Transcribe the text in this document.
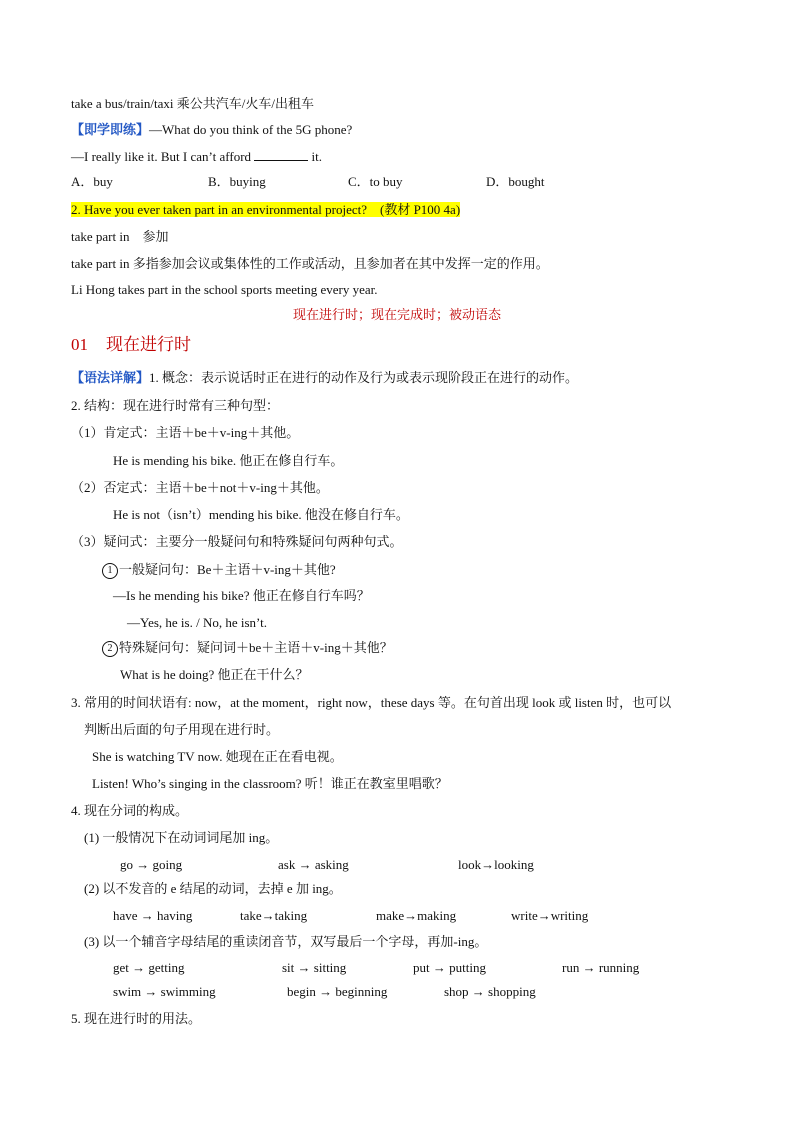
take a bus/train/taxi 乘公共汽车/火车/出租车
【即学即练】—What do you think of the 5G phone?
—I really like it. But I can’t afford	it.
A．buy	B．buying	C．to buy	D．bought
2. Have you ever taken part in an environmental project?　(教材 P100 4a)
take part in　参加
take part in 多指参加会议或集体性的工作或活动，且参加者在其中发挥一定的作用。
Li Hong takes part in the school sports meeting every year.
现在进行时；现在完成时；被动语态
01 现在进行时
【语法详解】1. 概念：表示说话时正在进行的动作及行为或表示现阶段正在进行的动作。
2. 结构：现在进行时常有三种句型：
（1）肯定式：主语＋be＋v-ing＋其他。
He is mending his bike. 他正在修自行车。
（2）否定式：主语＋be＋not＋v-ing＋其他。
He is not（isn’t）mending his bike. 他没在修自行车。
（3）疑问式：主要分一般疑问句和特殊疑问句两种句式。
1 一般疑问句：Be＋主语＋v-ing＋其他?
—Is he mending his bike? 他正在修自行车吗？
—Yes, he is. / No, he isn’t.
2 特殊疑问句：疑问词＋be＋主语＋v-ing＋其他？
What is he doing? 他正在干什么？
3. 常用的时间状语有: now，at the moment，right now，these days 等。在句首出现 look 或 listen 时，也可以
判断出后面的句子用现在进行时。
She is watching TV now. 她现在正在看电视。
Listen! Who’s singing in the classroom? 听！谁正在教室里唱歌？
4. 现在分词的构成。
(1) 一般情况下在动词词尾加 ing。
go → going	ask → asking	look→looking
(2) 以不发音的 e 结尾的动词，去掉 e 加 ing。
have → having	take→taking	make→making	write→writing
(3) 以一个辅音字母结尾的重读闭音节，双写最后一个字母，再加-ing。
get → getting	sit → sitting	put → putting	run → running
swim → swimming	begin → beginning	shop → shopping
5. 现在进行时的用法。
